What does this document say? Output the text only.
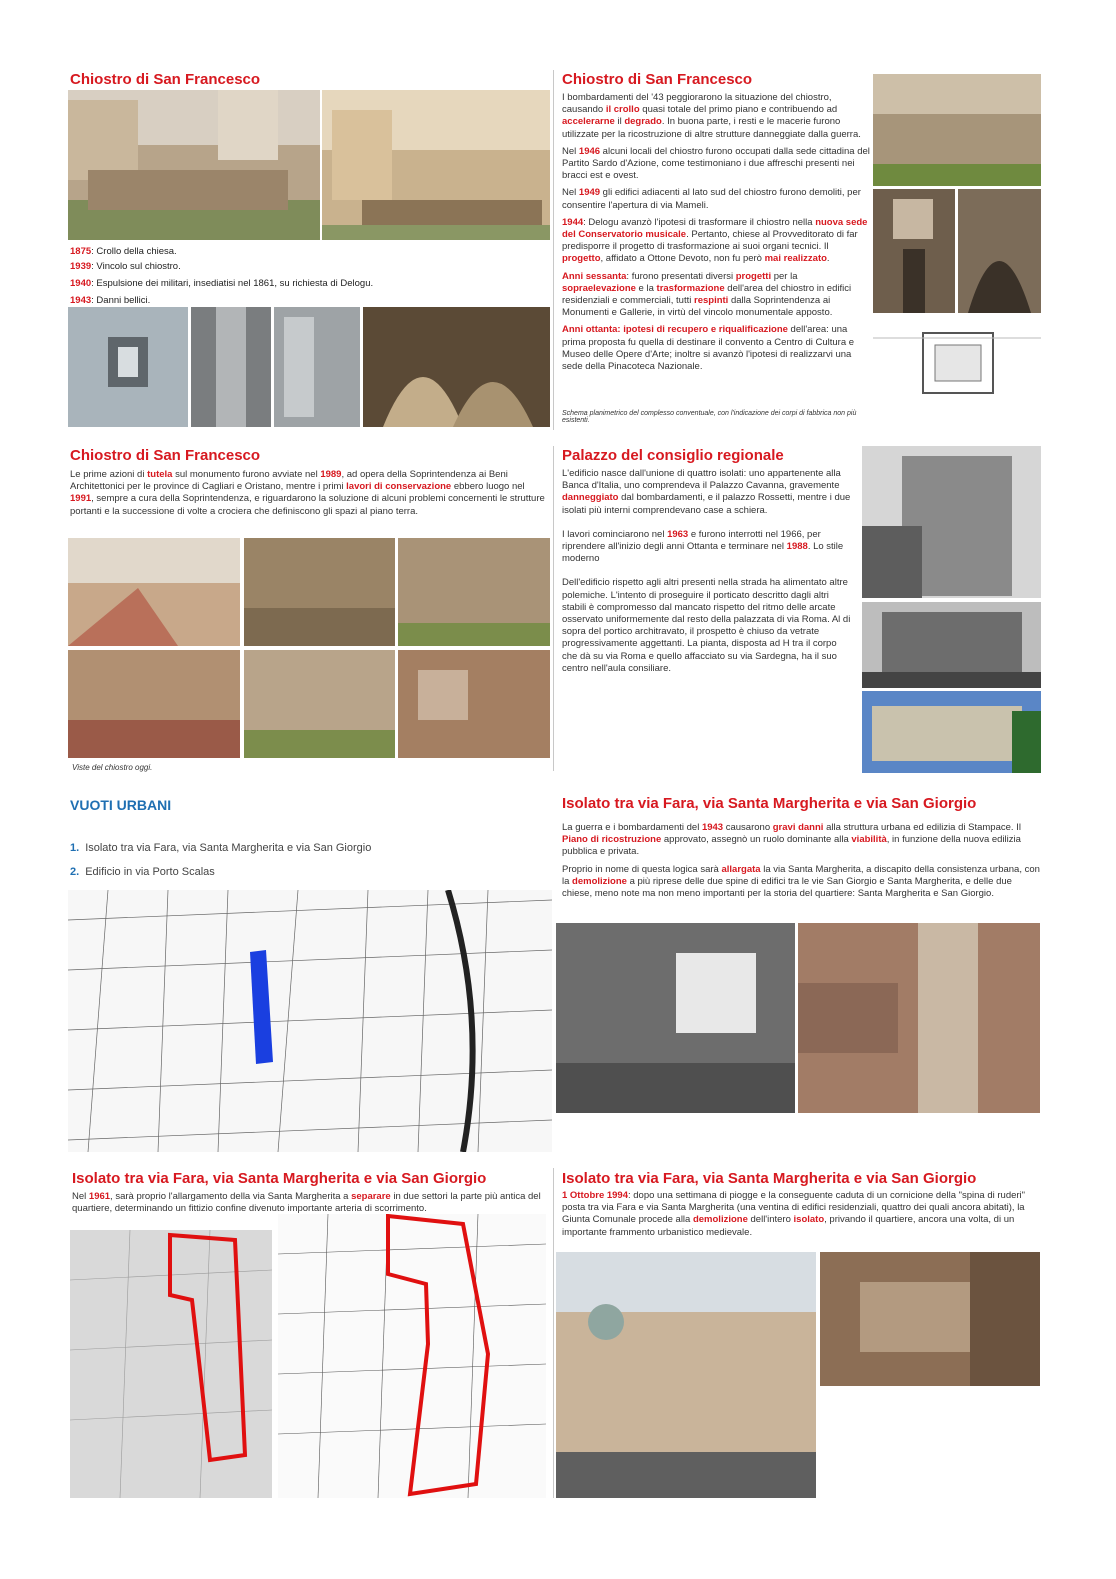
Chiostro di San Francesco
1875: Crollo della chiesa.
1939: Vincolo sul chiostro.
1940: Espulsione dei militari, insediatisi nel 1861, su richiesta di Delogu.
1943: Danni bellici.
Chiostro di San Francesco

I bombardamenti del '43 peggiorarono la situazione del chiostro, causando il crollo quasi totale del primo piano e contribuendo ad accelerarne il degrado. In buona parte, i resti e le macerie furono utilizzate per la ricostruzione di altre strutture danneggiate dalla guerra.

Nel 1946 alcuni locali del chiostro furono occupati dalla sede cittadina del Partito Sardo d'Azione, come testimoniano i due affreschi presenti nei bracci est e ovest.

Nel 1949 gli edifici adiacenti al lato sud del chiostro furono demoliti, per consentire l'apertura di via Mameli.

1944: Delogu avanzò l'ipotesi di trasformare il chiostro nella nuova sede del Conservatorio musicale. Pertanto, chiese al Provveditorato di far predisporre il progetto di trasformazione ai suoi organi tecnici. Il progetto, affidato a Ottone Devoto, non fu però mai realizzato.

Anni sessanta: furono presentati diversi progetti per la sopraelevazione e la trasformazione dell'area del chiostro in edifici residenziali e commerciali, tutti respinti dalla Soprintendenza ai Monumenti e Gallerie, in virtù del vincolo monumentale apposto.

Anni ottanta: ipotesi di recupero e riqualificazione dell'area: una prima proposta fu quella di destinare il convento a Centro di Cultura e Museo delle Opere d'Arte; inoltre si avanzò l'ipotesi di realizzarvi una sede della Pinacoteca Nazionale.

Schema planimetrico del complesso conventuale, con l'indicazione dei corpi di fabbrica non più esistenti.
Chiostro di San Francesco

Le prime azioni di tutela sul monumento furono avviate nel 1989, ad opera della Soprintendenza ai Beni Architettonici per le province di Cagliari e Oristano, mentre i primi lavori di conservazione ebbero luogo nel 1991, sempre a cura della Soprintendenza, e riguardarono la soluzione di alcuni problemi concernenti le strutture portanti e la successione di volte a crociera che definiscono gli spazi al piano terra.

Viste del chiostro oggi.
Palazzo del consiglio regionale

L'edificio nasce dall'unione di quattro isolati: uno appartenente alla Banca d'Italia, uno comprendeva il Palazzo Cavanna, gravemente danneggiato dal bombardamenti, e il palazzo Rossetti, mentre i due isolati più interni comprendevano case a schiera.

I lavori cominciarono nel 1963 e furono interrotti nel 1966, per riprendere all'inizio degli anni Ottanta e terminare nel 1988. Lo stile moderno

Dell'edificio rispetto agli altri presenti nella strada ha alimentato altre polemiche. L'intento di proseguire il porticato descritto dagli altri stabili è compromesso dal mancato rispetto del ritmo delle arcate osservato uniformemente dal resto della palazzata di via Roma. Al di sopra del portico architravato, il prospetto è chiuso da vetrate progressivamente aggettanti. La pianta, disposta ad H tra il corpo che dà su via Roma e quello affacciato su via Sardegna, ha il suo centro nell'aula consiliare.

VUOTI URBANI
1. Isolato tra via Fara, via Santa Margherita e via San Giorgio
2. Edificio in via Porto Scalas
Isolato tra via Fara, via Santa Margherita e via San Giorgio

La guerra e i bombardamenti del 1943 causarono gravi danni alla struttura urbana ed edilizia di Stampace. Il Piano di ricostruzione approvato, assegnò un ruolo dominante alla viabilità, in funzione della nuova edilizia pubblica e privata.

Proprio in nome di questa logica sarà allargata la via Santa Margherita, a discapito della consistenza urbana, con la demolizione a più riprese delle due spine di edifici tra le vie San Giorgio e Santa Margherita, e delle due chiese, meno note ma non meno importanti per la storia del quartiere: Santa Margherita e San Giorgio.

Isolato tra via Fara, via Santa Margherita e via San Giorgio

Nel 1961, sarà proprio l'allargamento della via Santa Margherita a separare in due settori la parte più antica del quartiere, determinando un fittizio confine divenuto importante arteria di scorrimento.

Isolato tra via Fara, via Santa Margherita e via San Giorgio

1 Ottobre 1994: dopo una settimana di piogge e la conseguente caduta di un cornicione della "spina di ruderi" posta tra via Fara e via Santa Margherita (una ventina di edifici residenziali, quattro dei quali ancora abitati), la Giunta Comunale procede alla demolizione dell'intero isolato, privando il quartiere, ancora una volta, di un importante frammento urbanistico medievale.
